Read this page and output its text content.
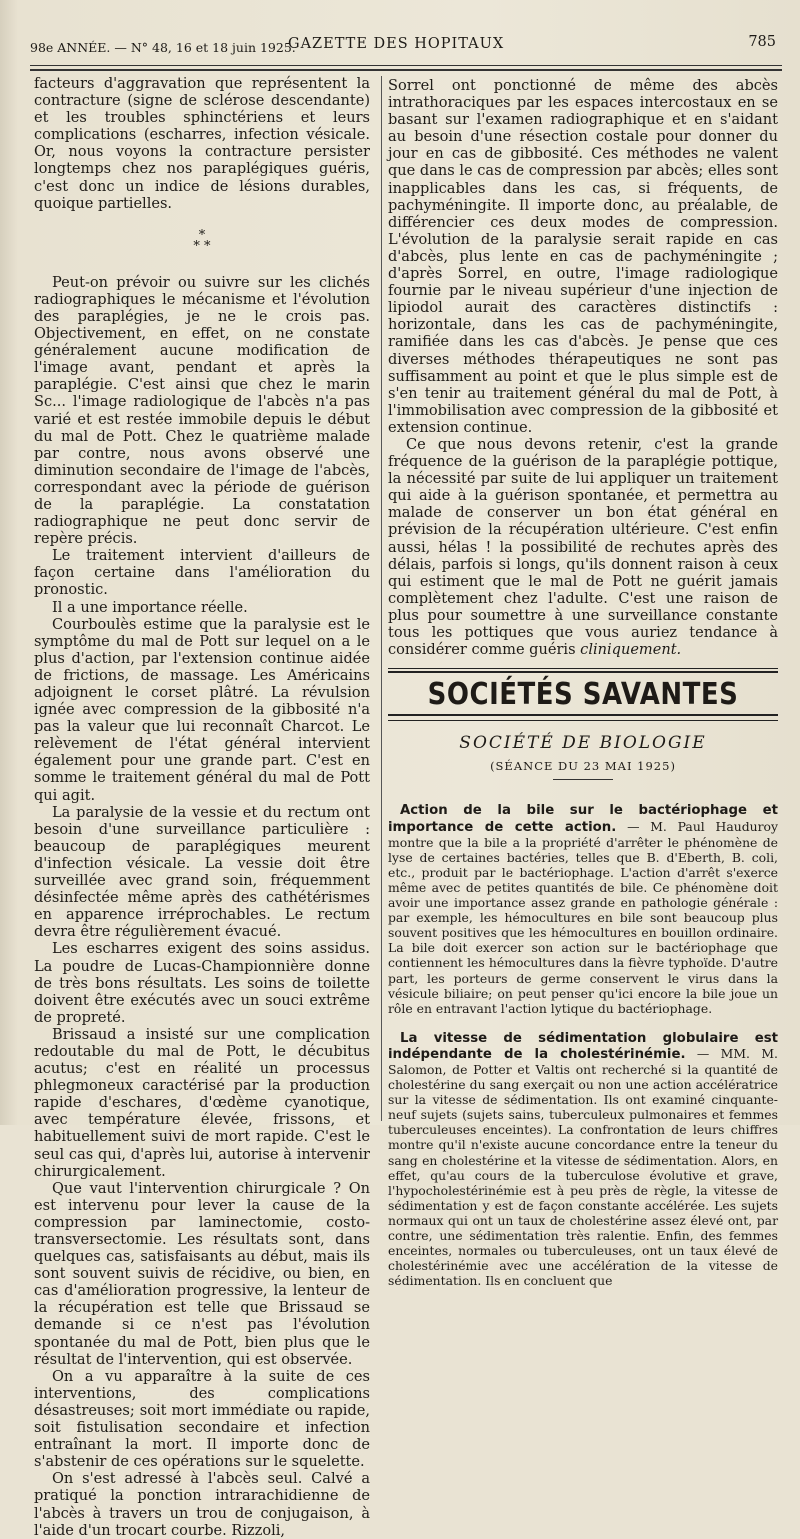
98e ANNÉE. — N° 48, 16 et 18 juin 1925.
GAZETTE DES HOPITAUX	785

facteurs d'aggravation que représentent la contracture (signe de sclérose descendante) et les troubles sphinctériens et leurs complications (escharres, infection vésicale. Or, nous voyons la contracture persister longtemps chez nos paraplégiques guéris, c'est donc un indice de lésions durables, quoique partielles.

*
* *

Peut-on prévoir ou suivre sur les clichés radiographiques le mécanisme et l'évolution des paraplégies, je ne le crois pas. Objectivement, en effet, on ne constate généralement aucune modification de l'image avant, pendant et après la paraplégie. C'est ainsi que chez le marin Sc... l'image radiologique de l'abcès n'a pas varié et est restée immobile depuis le début du mal de Pott. Chez le quatrième malade par contre, nous avons observé une diminution secondaire de l'image de l'abcès, correspondant avec la période de guérison de la paraplégie. La constatation radiographique ne peut donc servir de repère précis.

Le traitement intervient d'ailleurs de façon certaine dans l'amélioration du pronostic.

Il a une importance réelle.

Courboulès estime que la paralysie est le symptôme du mal de Pott sur lequel on a le plus d'action, par l'extension continue aidée de frictions, de massage. Les Américains adjoignent le corset plâtré. La révulsion ignée avec compression de la gibbosité n'a pas la valeur que lui reconnaît Charcot. Le relèvement de l'état général intervient également pour une grande part. C'est en somme le traitement général du mal de Pott qui agit.

La paralysie de la vessie et du rectum ont besoin d'une surveillance particulière : beaucoup de paraplégiques meurent d'infection vésicale. La vessie doit être surveillée avec grand soin, fréquemment désinfectée même après des cathétérismes en apparence irréprochables. Le rectum devra être régulièrement évacué.

Les escharres exigent des soins assidus. La poudre de Lucas-Championnière donne de très bons résultats. Les soins de toilette doivent être exécutés avec un souci extrême de propreté.

Brissaud a insisté sur une complication redoutable du mal de Pott, le décubitus acutus; c'est en réalité un processus phlegmoneux caractérisé par la production rapide d'eschares, d'œdème cyanotique, avec température élevée, frissons, et habituellement suivi de mort rapide. C'est le seul cas qui, d'après lui, autorise à intervenir chirurgicalement.

Que vaut l'intervention chirurgicale ? On est intervenu pour lever la cause de la compression par laminectomie, costo-transversectomie. Les résultats sont, dans quelques cas, satisfaisants au début, mais ils sont souvent suivis de récidive, ou bien, en cas d'amélioration progressive, la lenteur de la récupération est telle que Brissaud se demande si ce n'est pas l'évolution spontanée du mal de Pott, bien plus que le résultat de l'intervention, qui est observée.

On a vu apparaître à la suite de ces interventions, des complications désastreuses; soit mort immédiate ou rapide, soit fistulisation secondaire et infection entraînant la mort. Il importe donc de s'abstenir de ces opérations sur le squelette.

On s'est adressé à l'abcès seul. Calvé a pratiqué la ponction intrarachidienne de l'abcès à travers un trou de conjugaison, à l'aide d'un trocart courbe. Rizzoli,

Sorrel ont ponctionné de même des abcès intrathoraciques par les espaces intercostaux en se basant sur l'examen radiographique et en s'aidant au besoin d'une résection costale pour donner du jour en cas de gibbosité. Ces méthodes ne valent que dans le cas de compression par abcès; elles sont inapplicables dans les cas, si fréquents, de pachyméningite. Il importe donc, au préalable, de différencier ces deux modes de compression. L'évolution de la paralysie serait rapide en cas d'abcès, plus lente en cas de pachyméningite ; d'après Sorrel, en outre, l'image radiologique fournie par le niveau supérieur d'une injection de lipiodol aurait des caractères distinctifs : horizontale, dans les cas de pachyméningite, ramifiée dans les cas d'abcès. Je pense que ces diverses méthodes thérapeutiques ne sont pas suffisamment au point et que le plus simple est de s'en tenir au traitement général du mal de Pott, à l'immobilisation avec compression de la gibbosité et extension continue.

Ce que nous devons retenir, c'est la grande fréquence de la guérison de la paraplégie pottique, la nécessité par suite de lui appliquer un traitement qui aide à la guérison spontanée, et permettra au malade de conserver un bon état général en prévision de la récupération ultérieure. C'est enfin aussi, hélas ! la possibilité de rechutes après des délais, parfois si longs, qu'ils donnent raison à ceux qui estiment que le mal de Pott ne guérit jamais complètement chez l'adulte. C'est une raison de plus pour soumettre à une surveillance constante tous les pottiques que vous auriez tendance à considérer comme guéris cliniquement.

SOCIÉTÉS SAVANTES
SOCIÉTÉ DE BIOLOGIE
(SÉANCE DU 23 MAI 1925)

Action de la bile sur le bactériophage et importance de cette action. — M. Paul Hauduroy montre que la bile a la propriété d'arrêter le phénomène de lyse de certaines bactéries, telles que B. d'Eberth, B. coli, etc., produit par le bactériophage. L'action d'arrêt s'exerce même avec de petites quantités de bile. Ce phénomène doit avoir une importance assez grande en pathologie générale : par exemple, les hémocultures en bile sont beaucoup plus souvent positives que les hémocultures en bouillon ordinaire. La bile doit exercer son action sur le bactériophage que contiennent les hémocultures dans la fièvre typhoïde. D'autre part, les porteurs de germe conservent le virus dans la vésicule biliaire; on peut penser qu'ici encore la bile joue un rôle en entravant l'action lytique du bactériophage.

La vitesse de sédimentation globulaire est indépendante de la cholestérinémie. — MM. M. Salomon, de Potter et Valtis ont recherché si la quantité de cholestérine du sang exerçait ou non une action accélératrice sur la vitesse de sédimentation. Ils ont examiné cinquante-neuf sujets (sujets sains, tuberculeux pulmonaires et femmes tuberculeuses enceintes). La confrontation de leurs chiffres montre qu'il n'existe aucune concordance entre la teneur du sang en cholestérine et la vitesse de sédimentation. Alors, en effet, qu'au cours de la tuberculose évolutive et grave, l'hypocholestérinémie est à peu près de règle, la vitesse de sédimentation y est de façon constante accélérée. Les sujets normaux qui ont un taux de cholestérine assez élevé ont, par contre, une sédimentation très ralentie. Enfin, des femmes enceintes, normales ou tuberculeuses, ont un taux élevé de cholestérinémie avec une accélération de la vitesse de sédimentation. Ils en concluent que
